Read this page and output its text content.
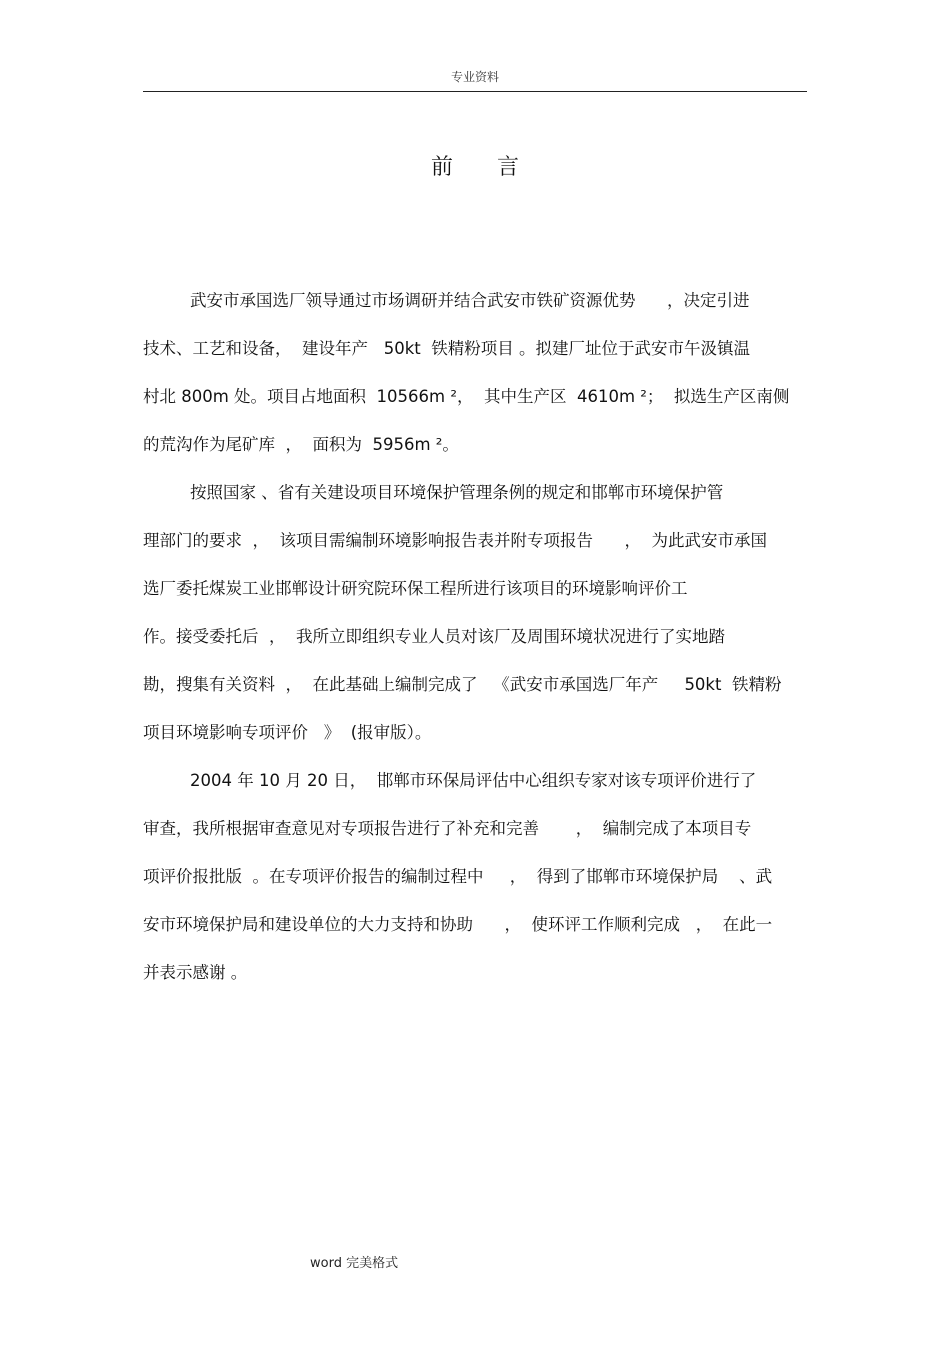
专业资料
前言
武安市承国选厂领导通过市场调研并结合武安市铁矿资源优势      ，决定引进
技术、工艺和设备，  建设年产   50kt  铁精粉项目 。拟建厂址位于武安市午汲镇温
村北 800m 处。项目占地面积  10566m ²，  其中生产区  4610m ²；  拟选生产区南侧
的荒沟作为尾矿库  ，  面积为  5956m ²。
按照国家 、省有关建设项目环境保护管理条例的规定和邯郸市环境保护管
理部门的要求  ，  该项目需编制环境影响报告表并附专项报告      ，  为此武安市承国
选厂委托煤炭工业邯郸设计研究院环保工程所进行该项目的环境影响评价工
作。接受委托后  ，  我所立即组织专业人员对该厂及周围环境状况进行了实地踏
勘，搜集有关资料  ，  在此基础上编制完成了   《武安市承国选厂年产     50kt  铁精粉
项目环境影响专项评价   》  (报审版）。
2004 年 10 月 20 日，  邯郸市环保局评估中心组织专家对该专项评价进行了
审查，我所根据审查意见对专项报告进行了补充和完善       ，  编制完成了本项目专
项评价报批版  。在专项评价报告的编制过程中     ，  得到了邯郸市环境保护局    、武
安市环境保护局和建设单位的大力支持和协助      ，  使环评工作顺利完成   ，  在此一
并表示感谢 。
word 完美格式
